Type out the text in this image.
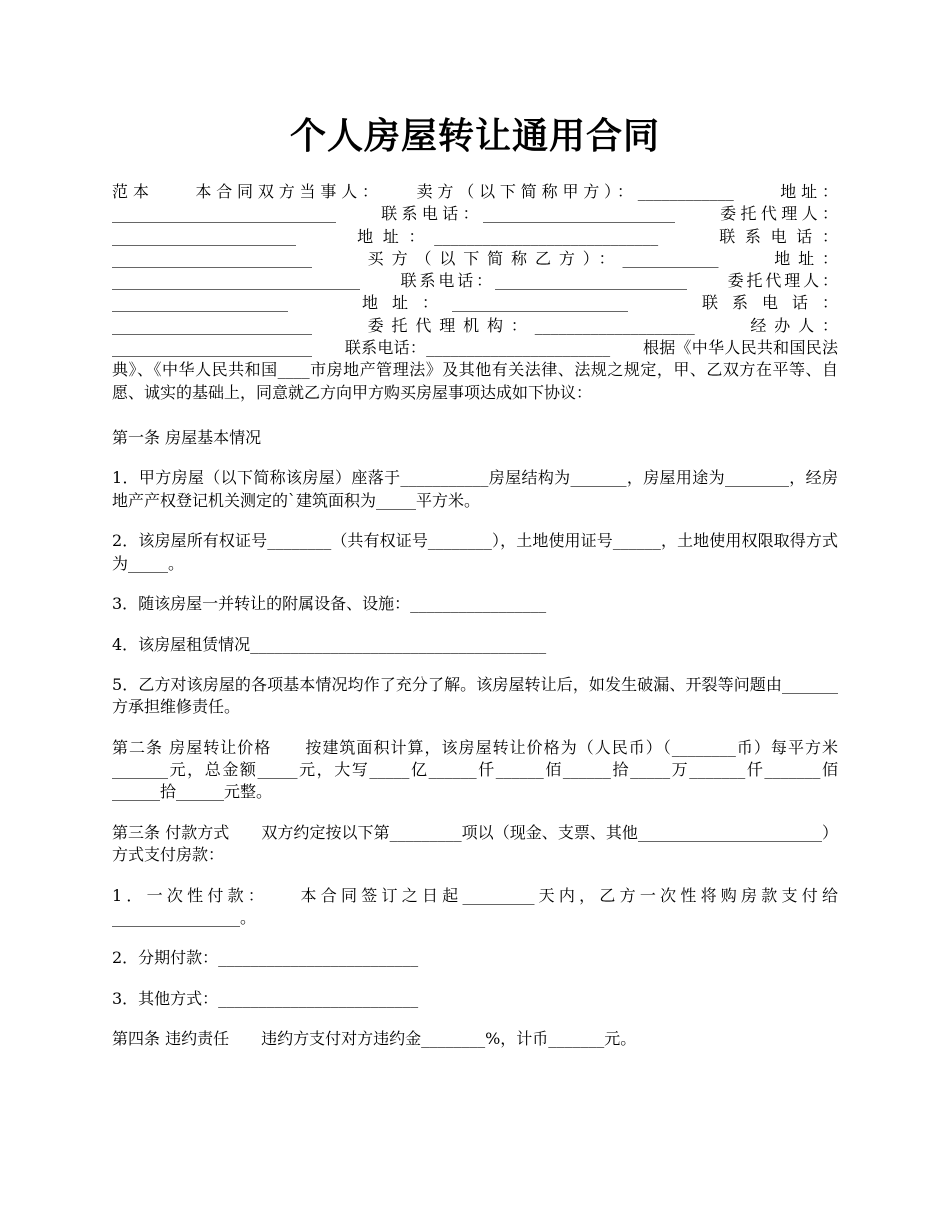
个人房屋转让通用合同

范本　　本合同双方当事人：　　卖方（以下简称甲方）：____________　　地址：____________________________　　联系电话：________________________　　委托代理人：_______________________　　地址：____________________________　　联系电话：_________________________　　买方（以下简称乙方）：____________　　地址：_______________________________　　联系电话：________________________　　委托代理人：______________________　　地址：______________________　　联系电话：_________________________　　委托代理机构：____________________　　经办人：_________________________　　联系电话：_______________________　　根据《中华人民共和国民法典》、《中华人民共和国____市房地产管理法》及其他有关法律、法规之规定，甲、乙双方在平等、自愿、诚实的基础上，同意就乙方向甲方购买房屋事项达成如下协议：

第一条 房屋基本情况

1．甲方房屋（以下简称该房屋）座落于___________房屋结构为_______，房屋用途为________，经房地产产权登记机关测定的`建筑面积为_____平方米。

2．该房屋所有权证号________（共有权证号________），土地使用证号______，土地使用权限取得方式为_____。

3．随该房屋一并转让的附属设备、设施：_________________

4．该房屋租赁情况_____________________________________

5．乙方对该房屋的各项基本情况均作了充分了解。该房屋转让后，如发生破漏、开裂等问题由_______方承担维修责任。

第二条 房屋转让价格　　按建筑面积计算，该房屋转让价格为（人民币）（________币）每平方米_______元，总金额_____元，大写_____亿______仟______佰______拾_____万_______仟_______佰______拾______元整。

第三条 付款方式　　双方约定按以下第_________项以（现金、支票、其他_______________________）方式支付房款：

1．一次性付款：　　本合同签订之日起_________天内，乙方一次性将购房款支付给________________。

2．分期付款：_________________________

3．其他方式：_________________________

第四条 违约责任　　违约方支付对方违约金________%，计币_______元。
